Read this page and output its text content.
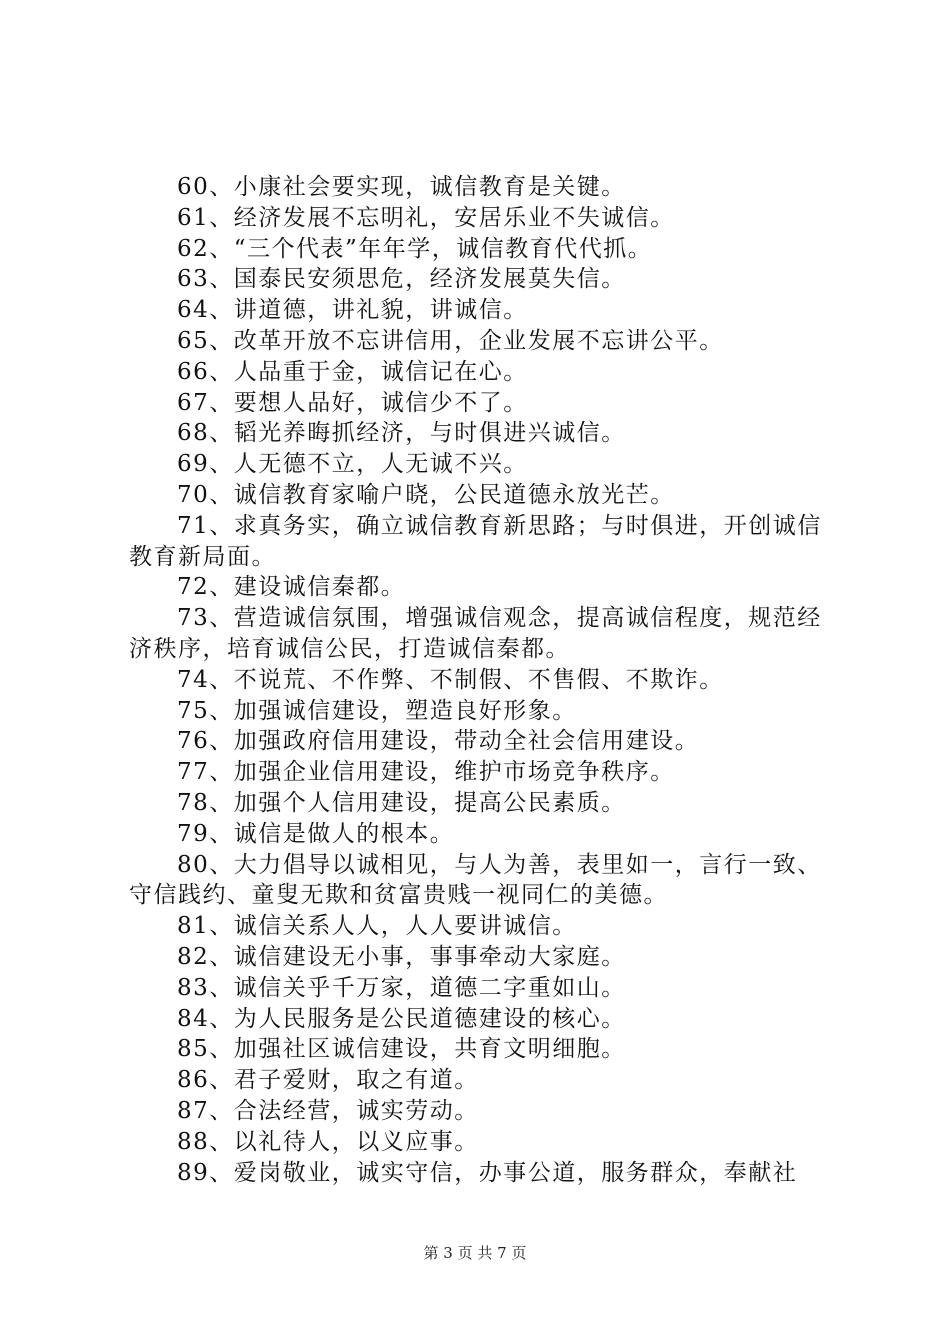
60、小康社会要实现，诚信教育是关键。

61、经济发展不忘明礼，安居乐业不失诚信。

62、“三个代表”年年学，诚信教育代代抓。

63、国泰民安须思危，经济发展莫失信。

64、讲道德，讲礼貌，讲诚信。

65、改革开放不忘讲信用，企业发展不忘讲公平。

66、人品重于金，诚信记在心。

67、要想人品好，诚信少不了。

68、韬光养晦抓经济，与时俱进兴诚信。

69、人无德不立，人无诚不兴。

70、诚信教育家喻户晓，公民道德永放光芒。

71、求真务实，确立诚信教育新思路；与时俱进，开创诚信教育新局面。

72、建设诚信秦都。

73、营造诚信氛围，增强诚信观念，提高诚信程度，规范经济秩序，培育诚信公民，打造诚信秦都。

74、不说荒、不作弊、不制假、不售假、不欺诈。

75、加强诚信建设，塑造良好形象。

76、加强政府信用建设，带动全社会信用建设。

77、加强企业信用建设，维护市场竞争秩序。

78、加强个人信用建设，提高公民素质。

79、诚信是做人的根本。

80、大力倡导以诚相见，与人为善，表里如一，言行一致、守信践约、童叟无欺和贫富贵贱一视同仁的美德。

81、诚信关系人人，人人要讲诚信。

82、诚信建设无小事，事事牵动大家庭。

83、诚信关乎千万家，道德二字重如山。

84、为人民服务是公民道德建设的核心。

85、加强社区诚信建设，共育文明细胞。

86、君子爱财，取之有道。

87、合法经营，诚实劳动。

88、以礼待人，以义应事。

89、爱岗敬业，诚实守信，办事公道，服务群众，奉献社

第 3 页 共 7 页
